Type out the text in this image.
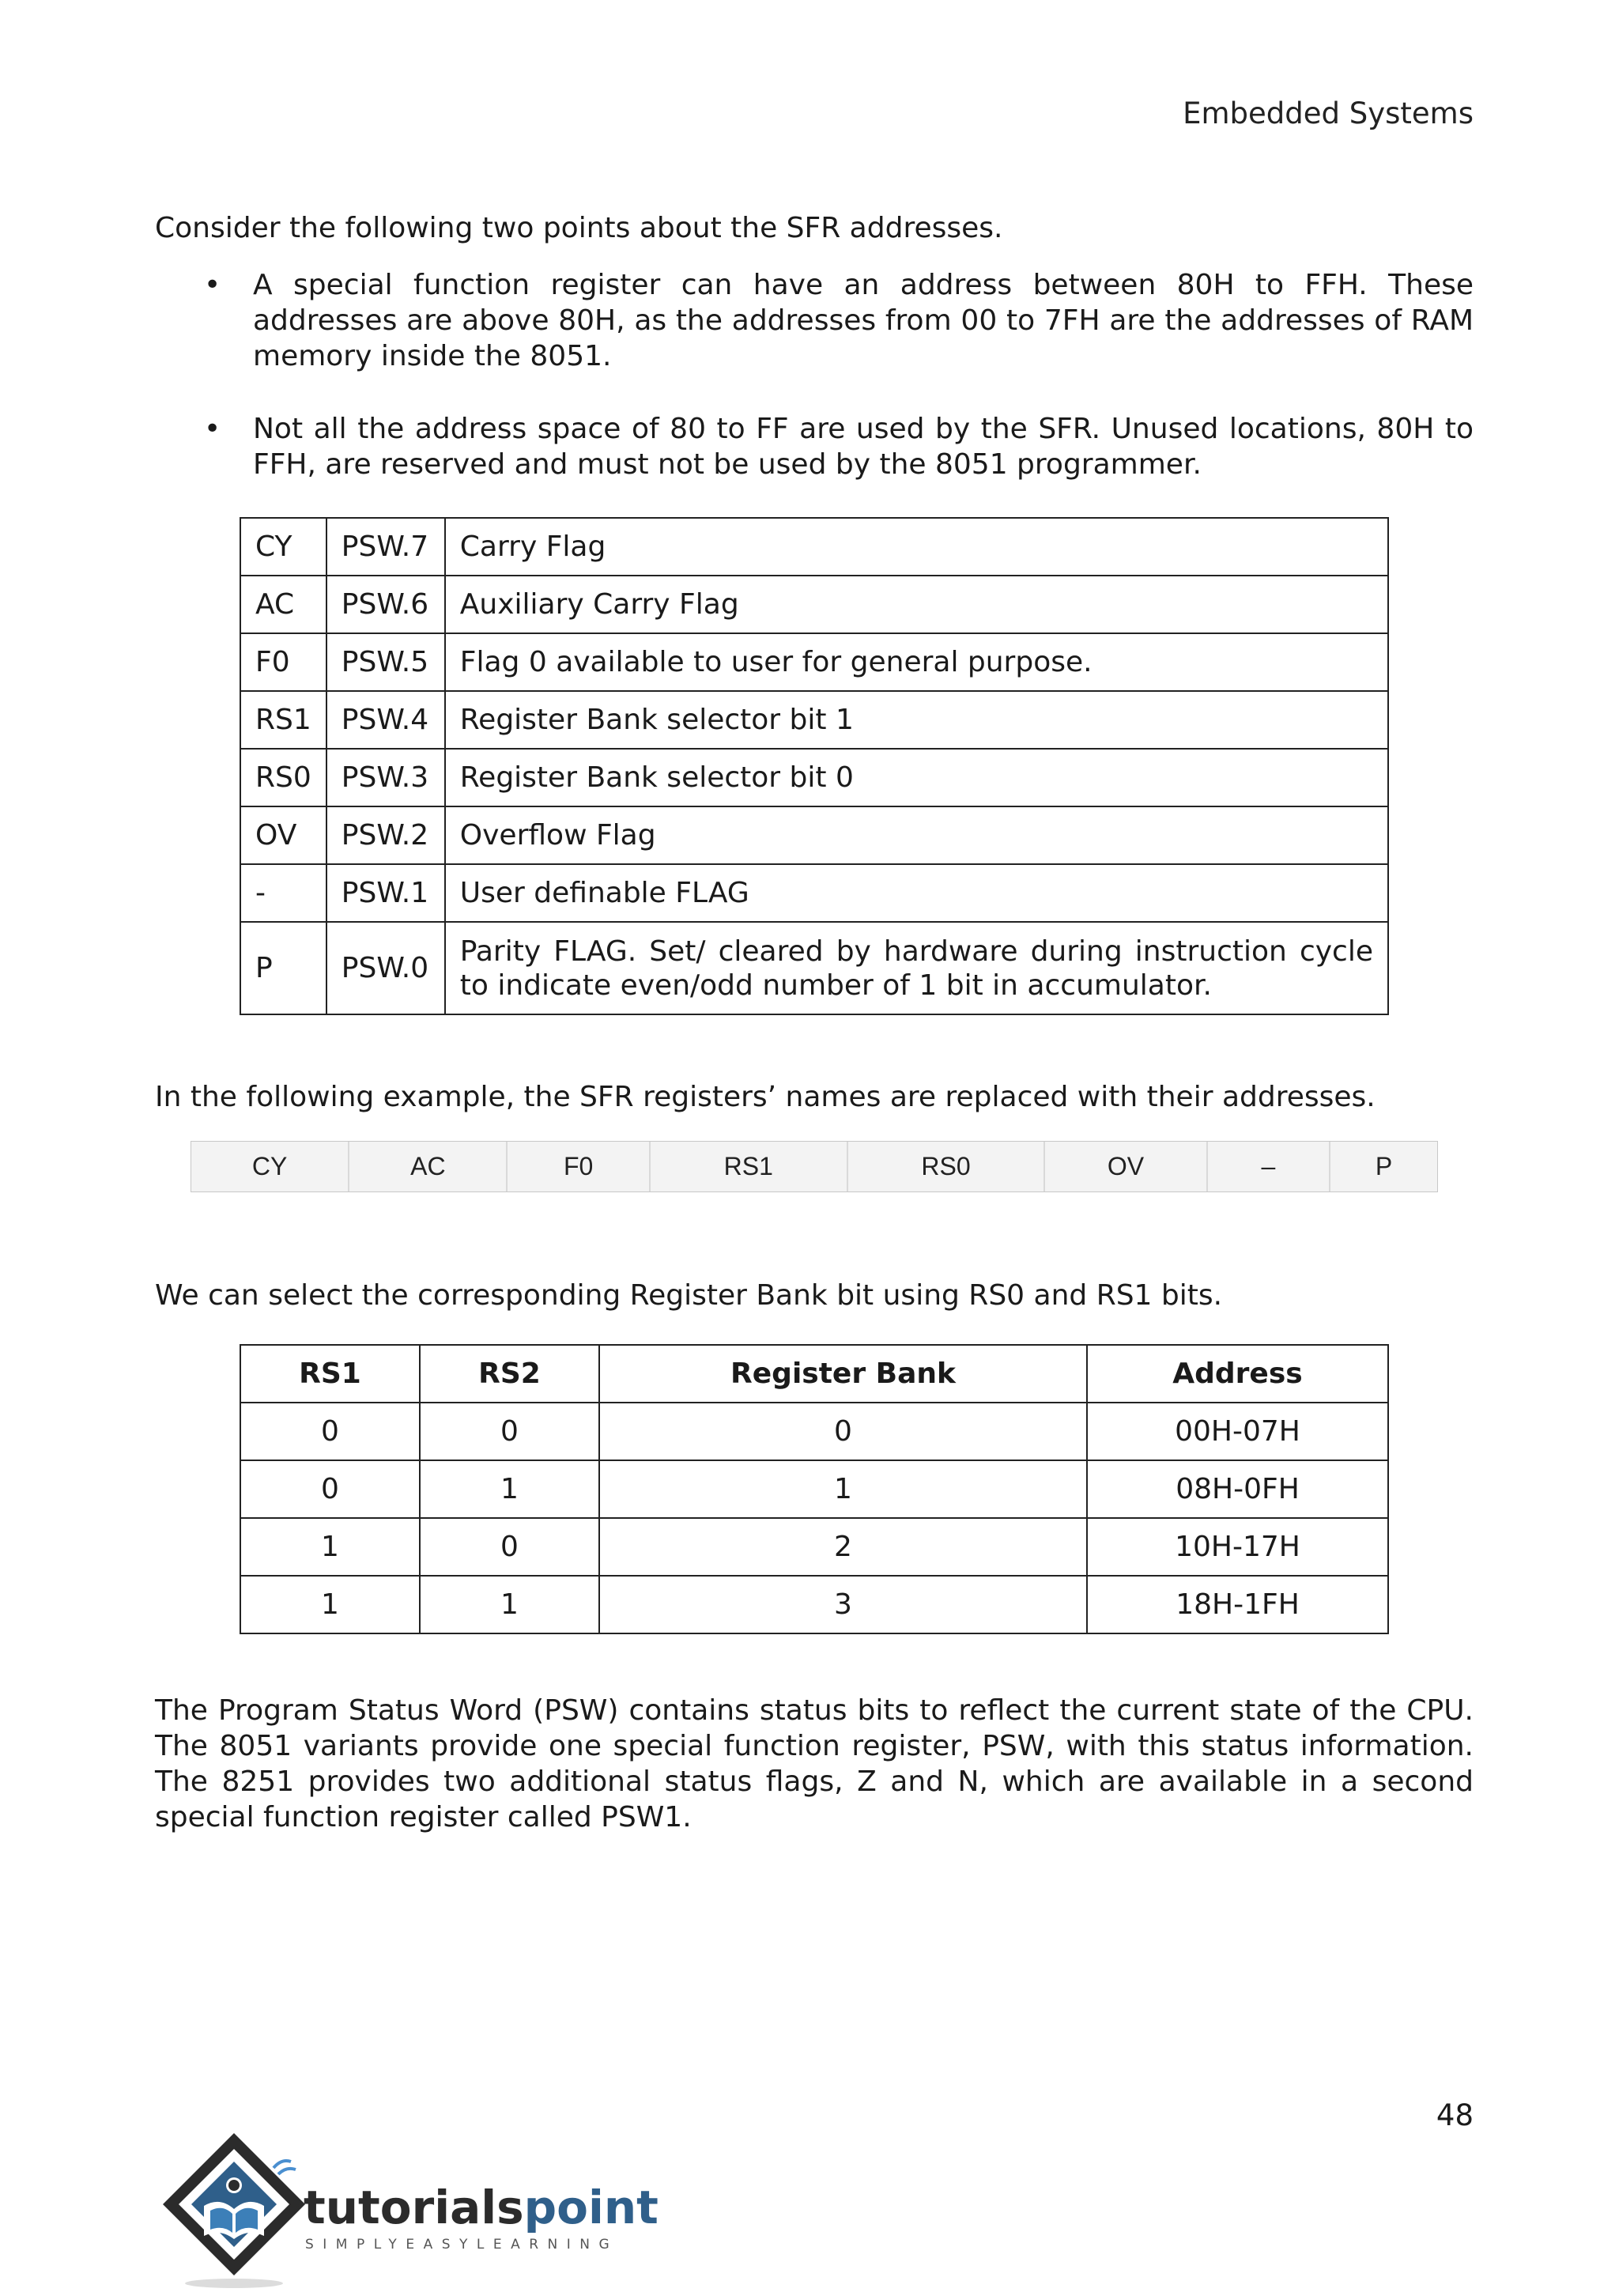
Embedded Systems

Consider the following two points about the SFR addresses.

• A special function register can have an address between 80H to FFH. These addresses are above 80H, as the addresses from 00 to 7FH are the addresses of RAM memory inside the 8051.
• Not all the address space of 80 to FF are used by the SFR. Unused locations, 80H to FFH, are reserved and must not be used by the 8051 programmer.
CY	PSW.7	Carry Flag
AC	PSW.6	Auxiliary Carry Flag
F0	PSW.5	Flag 0 available to user for general purpose.
RS1	PSW.4	Register Bank selector bit 1
RS0	PSW.3	Register Bank selector bit 0
OV	PSW.2	Overflow Flag
-	PSW.1	User definable FLAG
P	PSW.0	Parity FLAG. Set/ cleared by hardware during instruction cycle to indicate even/odd number of 1 bit in accumulator.

In the following example, the SFR registers’ names are replaced with their addresses.

CY	AC	F0	RS1	RS0	OV	–	P

We can select the corresponding Register Bank bit using RS0 and RS1 bits.

RS1	RS2	Register Bank	Address
0	0	0	00H-07H
0	1	1	08H-0FH
1	0	2	10H-17H
1	1	3	18H-1FH

The Program Status Word (PSW) contains status bits to reflect the current state of the CPU. The 8051 variants provide one special function register, PSW, with this status information. The 8251 provides two additional status flags, Z and N, which are available in a second special function register called PSW1.

48
tutorialspoint
SIMPLYEASYLEARNING
